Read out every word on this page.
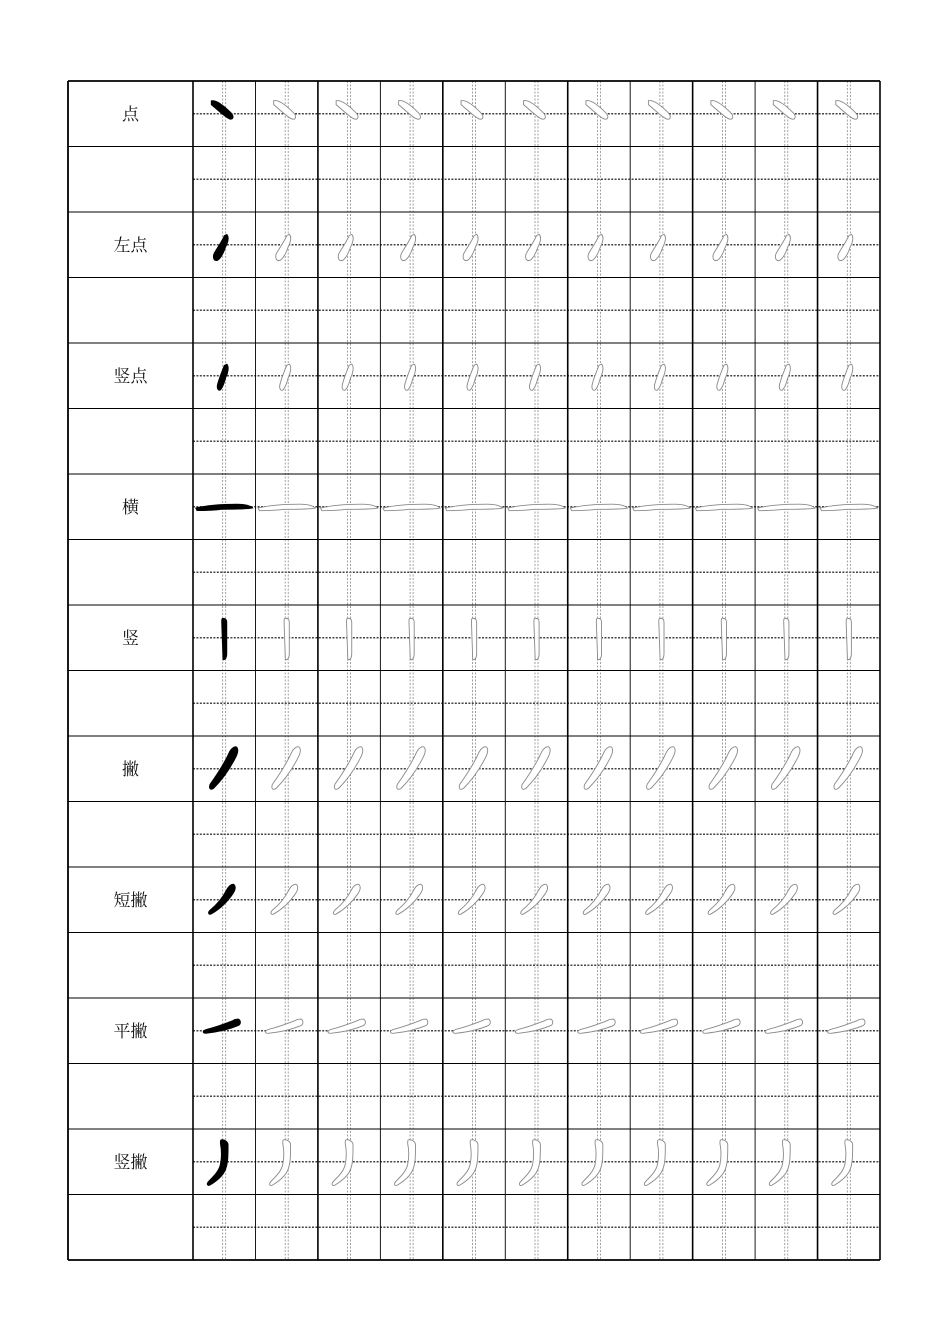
点
左点
竖点
横
竖
撇
短撇
平撇
竖撇
